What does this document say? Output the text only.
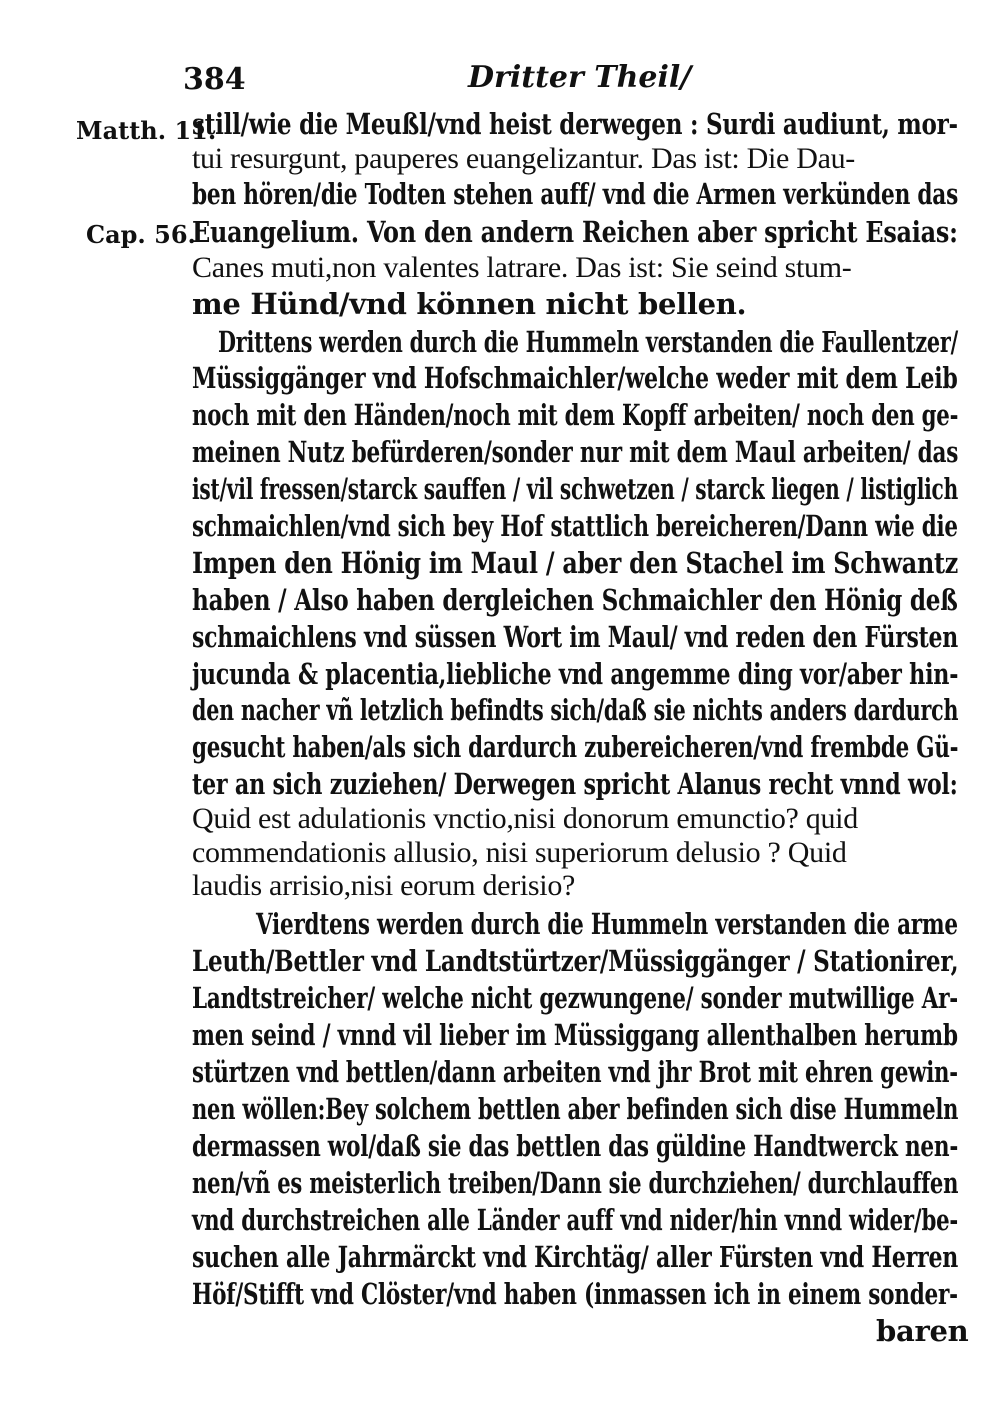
384	Dritter Theil/
Matth. 11.
Cap. 56.
still/wie die Meußl/vnd heist derwegen : Surdi audiunt, mor-
tui resurgunt, pauperes euangelizantur. Das ist: Die Dau-
ben hören/die Todten stehen auff/ vnd die Armen verkünden das
Euangelium. Von den andern Reichen aber spricht Esaias:
Canes muti,non valentes latrare. Das ist: Sie seind stum-
me Hünd/vnd können nicht bellen.
Drittens werden durch die Hummeln verstanden die Faullentzer/
Müssiggänger vnd Hofschmaichler/welche weder mit dem Leib
noch mit den Händen/noch mit dem Kopff arbeiten/ noch den ge-
meinen Nutz befürderen/sonder nur mit dem Maul arbeiten/ das
ist/vil fressen/starck sauffen / vil schwetzen / starck liegen / listiglich
schmaichlen/vnd sich bey Hof stattlich bereicheren/Dann wie die
Impen den Hönig im Maul / aber den Stachel im Schwantz
haben / Also haben dergleichen Schmaichler den Hönig deß
schmaichlens vnd süssen Wort im Maul/ vnd reden den Fürsten
jucunda & placentia,liebliche vnd angemme ding vor/aber hin-
den nacher vñ letzlich befindts sich/daß sie nichts anders dardurch
gesucht haben/als sich dardurch zubereicheren/vnd frembde Gü-
ter an sich zuziehen/ Derwegen spricht Alanus recht vnnd wol:
Quid est adulationis vnctio,nisi donorum emunctio? quid
commendationis allusio, nisi superiorum delusio ? Quid
laudis arrisio,nisi eorum derisio?
Vierdtens werden durch die Hummeln verstanden die arme
Leuth/Bettler vnd Landtstürtzer/Müssiggänger / Stationirer,
Landtstreicher/ welche nicht gezwungene/ sonder mutwillige Ar-
men seind / vnnd vil lieber im Müssiggang allenthalben herumb
stürtzen vnd bettlen/dann arbeiten vnd jhr Brot mit ehren gewin-
nen wöllen:Bey solchem bettlen aber befinden sich dise Hummeln
dermassen wol/daß sie das bettlen das güldine Handtwerck nen-
nen/vñ es meisterlich treiben/Dann sie durchziehen/ durchlauffen
vnd durchstreichen alle Länder auff vnd nider/hin vnnd wider/be-
suchen alle Jahrmärckt vnd Kirchtäg/ aller Fürsten vnd Herren
Höf/Stifft vnd Clöster/vnd haben (inmassen ich in einem sonder-
baren
